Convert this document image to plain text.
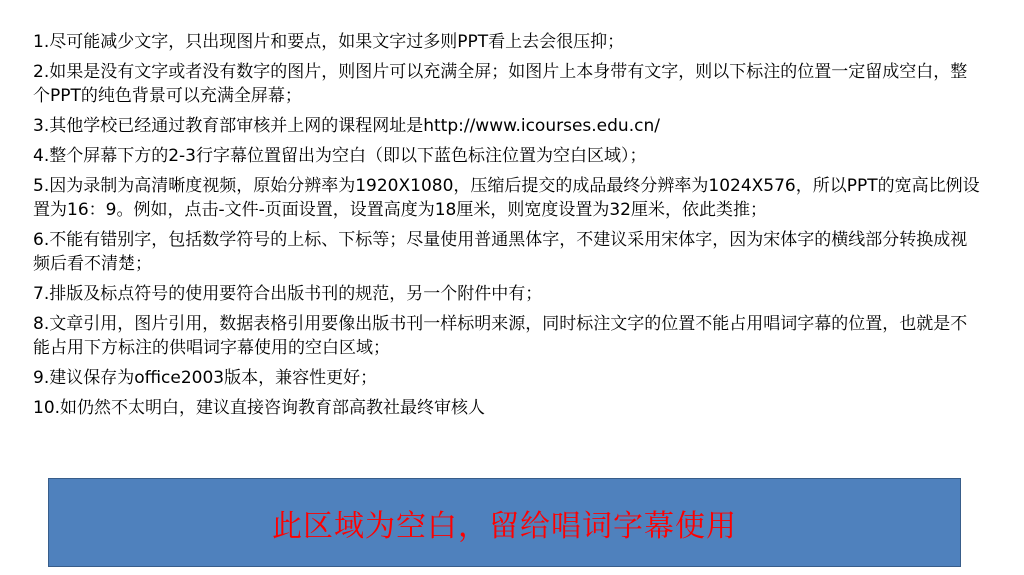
1.尽可能减少文字，只出现图片和要点，如果文字过多则PPT看上去会很压抑；
2.如果是没有文字或者没有数字的图片，则图片可以充满全屏；如图片上本身带有文字，则以下标注的位置一定留成空白，整个PPT的纯色背景可以充满全屏幕；
3.其他学校已经通过教育部审核并上网的课程网址是http://www.icourses.edu.cn/
4.整个屏幕下方的2-3行字幕位置留出为空白（即以下蓝色标注位置为空白区域）；
5.因为录制为高清晰度视频，原始分辨率为1920X1080，压缩后提交的成品最终分辨率为1024X576，所以PPT的宽高比例设置为16：9。例如，点击-文件-页面设置，设置高度为18厘米，则宽度设置为32厘米，依此类推；
6.不能有错别字，包括数学符号的上标、下标等；尽量使用普通黑体字，不建议采用宋体字，因为宋体字的横线部分转换成视频后看不清楚；
7.排版及标点符号的使用要符合出版书刊的规范，另一个附件中有；
8.文章引用，图片引用，数据表格引用要像出版书刊一样标明来源，同时标注文字的位置不能占用唱词字幕的位置，也就是不能占用下方标注的供唱词字幕使用的空白区域；
9.建议保存为office2003版本，兼容性更好；
10.如仍然不太明白，建议直接咨询教育部高教社最终审核人
此区域为空白，留给唱词字幕使用
